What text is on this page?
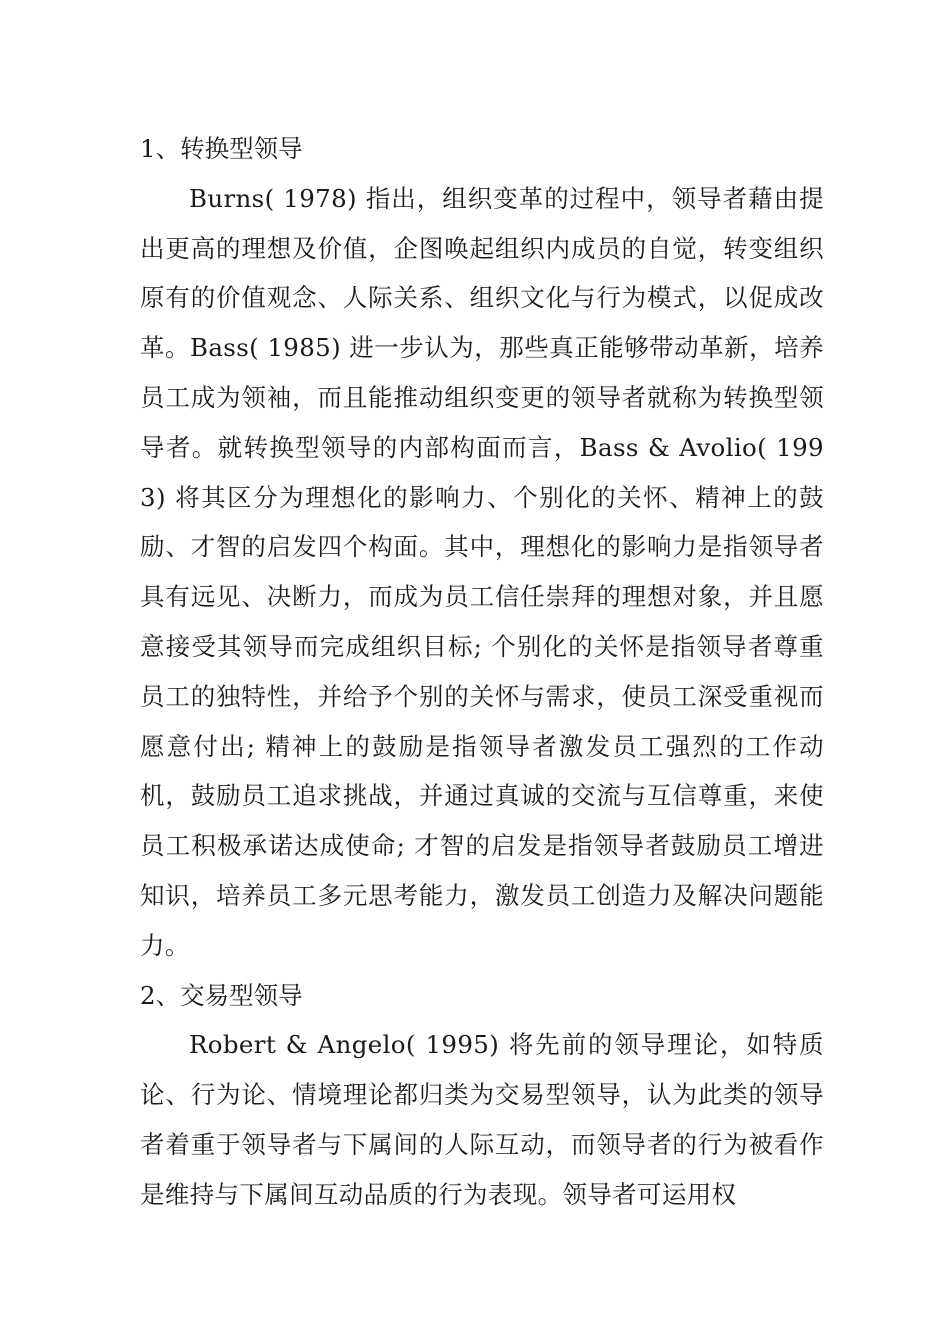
1、转换型领导

Burns( 1978) 指出，组织变革的过程中，领导者藉由提出更高的理想及价值，企图唤起组织内成员的自觉，转变组织原有的价值观念、人际关系、组织文化与行为模式，以促成改革。Bass( 1985) 进一步认为，那些真正能够带动革新，培养员工成为领袖，而且能推动组织变更的领导者就称为转换型领导者。就转换型领导的内部构面而言，Bass & Avolio( 1993) 将其区分为理想化的影响力、个别化的关怀、精神上的鼓励、才智的启发四个构面。其中，理想化的影响力是指领导者具有远见、决断力，而成为员工信任崇拜的理想对象，并且愿意接受其领导而完成组织目标; 个别化的关怀是指领导者尊重员工的独特性，并给予个别的关怀与需求，使员工深受重视而愿意付出; 精神上的鼓励是指领导者激发员工强烈的工作动机，鼓励员工追求挑战，并通过真诚的交流与互信尊重，来使员工积极承诺达成使命; 才智的启发是指领导者鼓励员工增进知识，培养员工多元思考能力，激发员工创造力及解决问题能力。

2、交易型领导

Robert & Angelo( 1995) 将先前的领导理论，如特质论、行为论、情境理论都归类为交易型领导，认为此类的领导者着重于领导者与下属间的人际互动，而领导者的行为被看作是维持与下属间互动品质的行为表现。领导者可运用权
